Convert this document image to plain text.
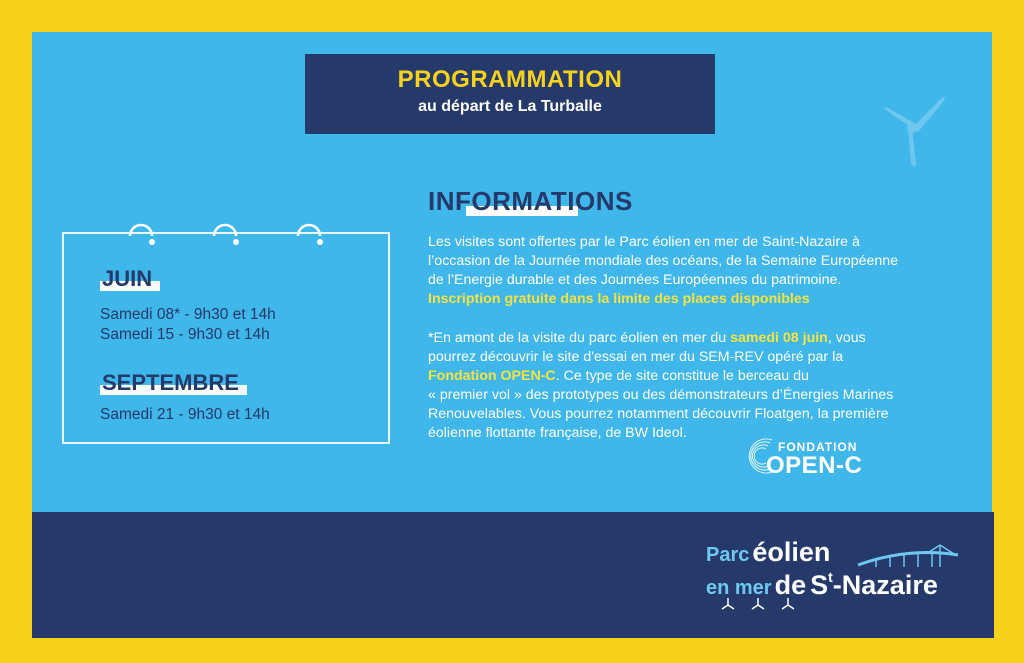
PROGRAMMATION
au départ de La Turballe
JUIN
Samedi 08* - 9h30 et 14h
Samedi 15 - 9h30 et 14h
SEPTEMBRE
Samedi 21 - 9h30 et 14h
INFORMATIONS
Les visites sont offertes par le Parc éolien en mer de Saint-Nazaire à
l’occasion de la Journée mondiale des océans, de la Semaine Européenne
de l’Energie durable et des Journées Européennes du patrimoine.
Inscription gratuite dans la limite des places disponibles
*En amont de la visite du parc éolien en mer du samedi 08 juin, vous
pourrez découvrir le site d'essai en mer du SEM-REV opéré par la
Fondation OPEN-C. Ce type de site constitue le berceau du
« premier vol » des prototypes ou des démonstrateurs d’Énergies Marines
Renouvelables. Vous pourrez notamment découvrir Floatgen, la première
éolienne flottante française, de BW Ideol.
FONDATION
OPEN-C
Parc éolien
en mer de $S^t$-Nazaire
